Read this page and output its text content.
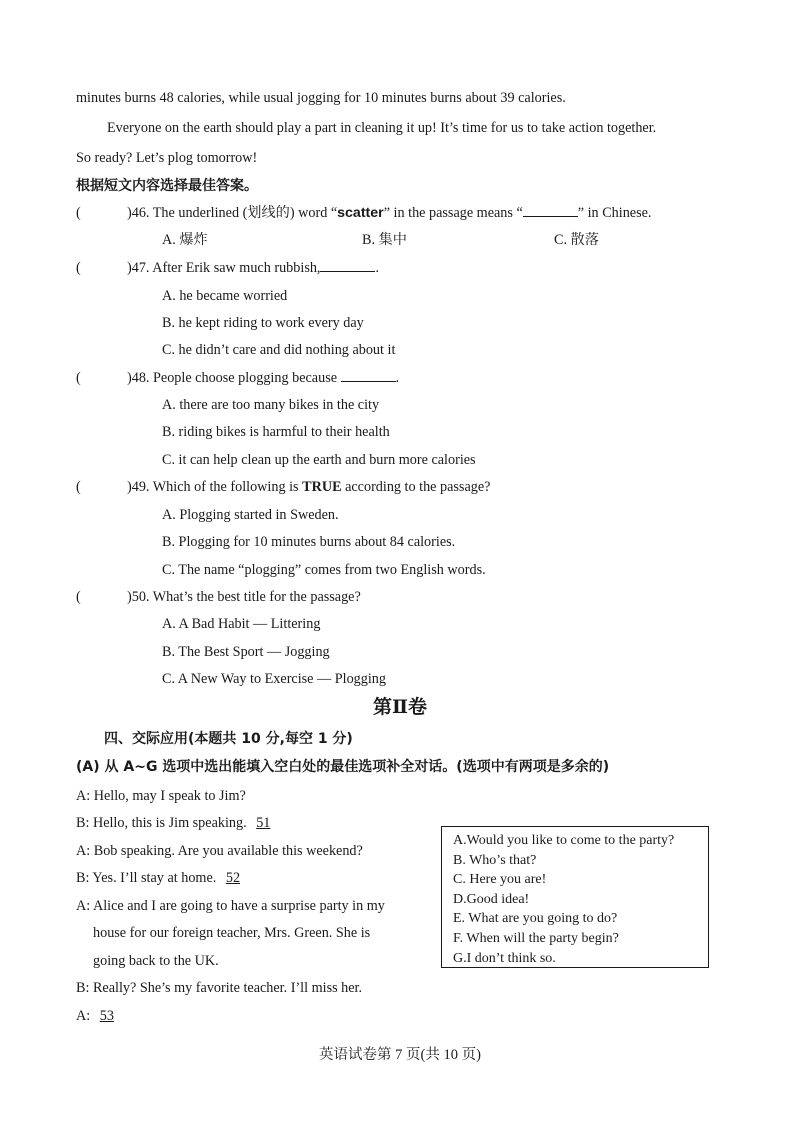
minutes burns 48 calories, while usual jogging for 10 minutes burns about 39 calories.
Everyone on the earth should play a part in cleaning it up! It’s time for us to take action together.
So ready? Let’s plog tomorrow!
根据短文内容选择最佳答案。
(	)46. The underlined (划线的) word “scatter” in the passage means “	” in Chinese.
A. 爆炸	B. 集中	C. 散落
(	)47. After Erik saw much rubbish,	.
A. he became worried
B. he kept riding to work every day
C. he didn’t care and did nothing about it
(	)48. People choose plogging because	.
A. there are too many bikes in the city
B. riding bikes is harmful to their health
C. it can help clean up the earth and burn more calories
(	)49. Which of the following is TRUE according to the passage?
A. Plogging started in Sweden.
B. Plogging for 10 minutes burns about 84 calories.
C. The name “plogging” comes from two English words.
(	)50. What’s the best title for the passage?
A. A Bad Habit — Littering
B. The Best Sport — Jogging
C. A New Way to Exercise — Plogging
第Ⅱ卷
四、交际应用(本题共 10 分,每空 1 分)
(A) 从 A~G 选项中选出能填入空白处的最佳选项补全对话。(选项中有两项是多余的)
A: Hello, may I speak to Jim?
B: Hello, this is Jim speaking. 51
A: Bob speaking. Are you available this weekend?
B: Yes. I’ll stay at home. 52
A: Alice and I are going to have a surprise party in my
house for our foreign teacher, Mrs. Green. She is
going back to the UK.
B: Really? She’s my favorite teacher. I’ll miss her.
A: 53
A.Would you like to come to the party?
B. Who’s that?
C. Here you are!
D.Good idea!
E. What are you going to do?
F. When will the party begin?
G.I don’t think so.
英语试卷第 7 页(共 10 页)
